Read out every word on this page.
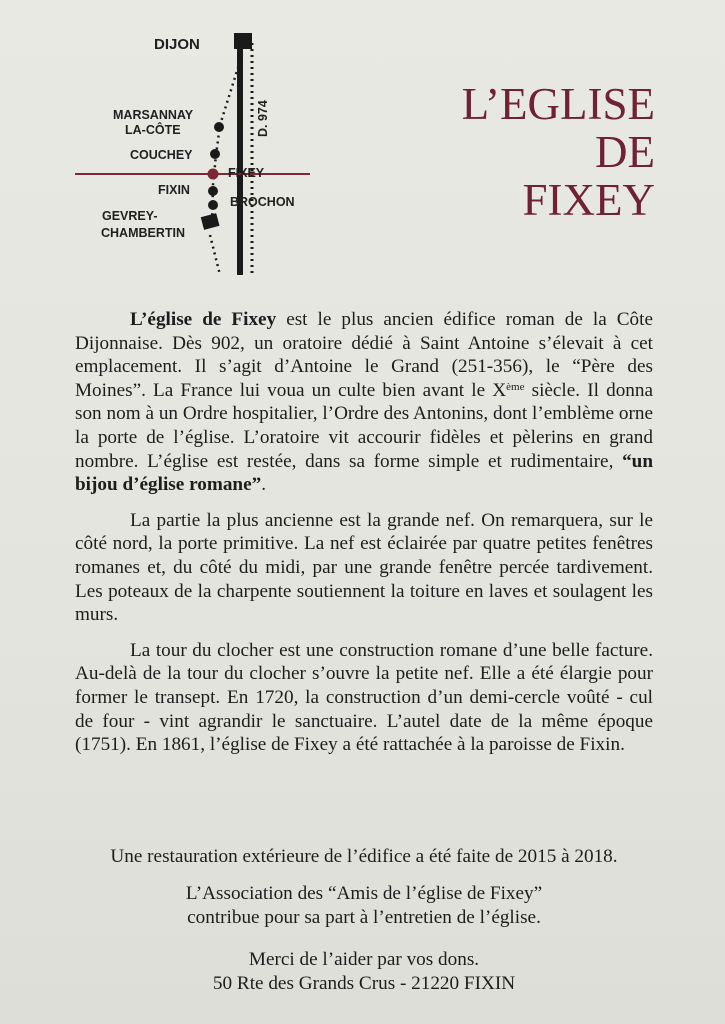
DIJON
D. 974
MARSANNAY
LA-CÔTE
COUCHEY
FIXEY
FIXIN
BROCHON
GEVREY-
CHAMBERTIN
L’EGLISE
DE
FIXEY

L’église de Fixey est le plus ancien édifice roman de la Côte Dijonnaise. Dès 902, un oratoire dédié à Saint Antoine s’élevait à cet emplacement. Il s’agit d’Antoine le Grand (251-356), le “Père des Moines”. La France lui voua un culte bien avant le Xème siècle. Il donna son nom à un Ordre hospitalier, l’Ordre des Antonins, dont l’emblème orne la porte de l’église. L’oratoire vit accourir fidèles et pèlerins en grand nombre. L’église est restée, dans sa forme simple et rudimentaire, “un bijou d’église romane”.

La partie la plus ancienne est la grande nef. On remarquera, sur le côté nord, la porte primitive. La nef est éclairée par quatre petites fenêtres romanes et, du côté du midi, par une grande fenêtre percée tardivement. Les poteaux de la charpente soutiennent la toiture en laves et soulagent les murs.

La tour du clocher est une construction romane d’une belle facture. Au-delà de la tour du clocher s’ouvre la petite nef. Elle a été élargie pour former le transept. En 1720, la construction d’un demi-cercle voûté - cul de four - vint agrandir le sanctuaire. L’autel date de la même époque (1751). En 1861, l’église de Fixey a été rattachée à la paroisse de Fixin.

Une restauration extérieure de l’édifice a été faite de 2015 à 2018.
L’Association des “Amis de l’église de Fixey”
contribue pour sa part à l’entretien de l’église.
Merci de l’aider par vos dons.
50 Rte des Grands Crus - 21220 FIXIN
